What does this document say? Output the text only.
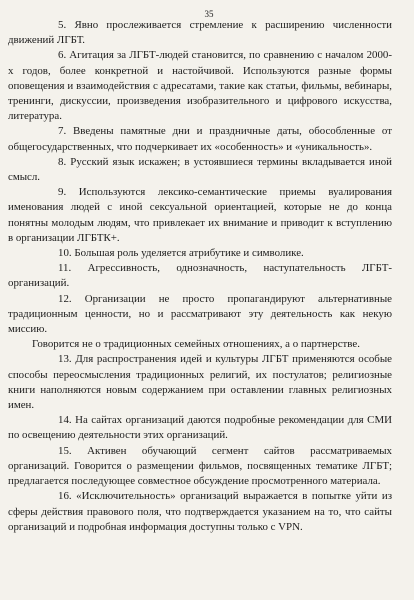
35

5. Явно прослеживается стремление к расширению численности движений ЛГБТ.

6. Агитация за ЛГБТ-людей становится, по сравнению с началом 2000-х годов, более конкретной и настойчивой. Используются разные формы оповещения и взаимодействия с адресатами, такие как статьи, фильмы, вебинары, тренинги, дискуссии, произведения изобразительного и цифрового искусства, литература.

7. Введены памятные дни и праздничные даты, обособленные от общегосударственных, что подчеркивает их «особенность» и «уникальность».

8. Русский язык искажен; в устоявшиеся термины вкладывается иной смысл.

9. Используются лексико-семантические приемы вуалирования именования людей с иной сексуальной ориентацией, которые не до конца понятны молодым людям, что привлекает их внимание и приводит к вступлению в организации ЛГБТК+.

10. Большая роль уделяется атрибутике и символике.

11. Агрессивность, однозначность, наступательность ЛГБТ-организаций.

12. Организации не просто пропагандируют альтернативные традиционным ценности, но и рассматривают эту деятельность как некую миссию.

Говорится не о традиционных семейных отношениях, а о партнерстве.

13. Для распространения идей и культуры ЛГБТ применяются особые способы переосмысления традиционных религий, их постулатов; религиозные книги наполняются новым содержанием при оставлении главных религиозных имен.

14. На сайтах организаций даются подробные рекомендации для СМИ по освещению деятельности этих организаций.

15. Активен обучающий сегмент сайтов рассматриваемых организаций. Говорится о размещении фильмов, посвященных тематике ЛГБТ; предлагается последующее совместное обсуждение просмотренного материала.

16. «Исключительность» организаций выражается в попытке уйти из сферы действия правового поля, что подтверждается указанием на то, что сайты организаций и подробная информация доступны только с VPN.
